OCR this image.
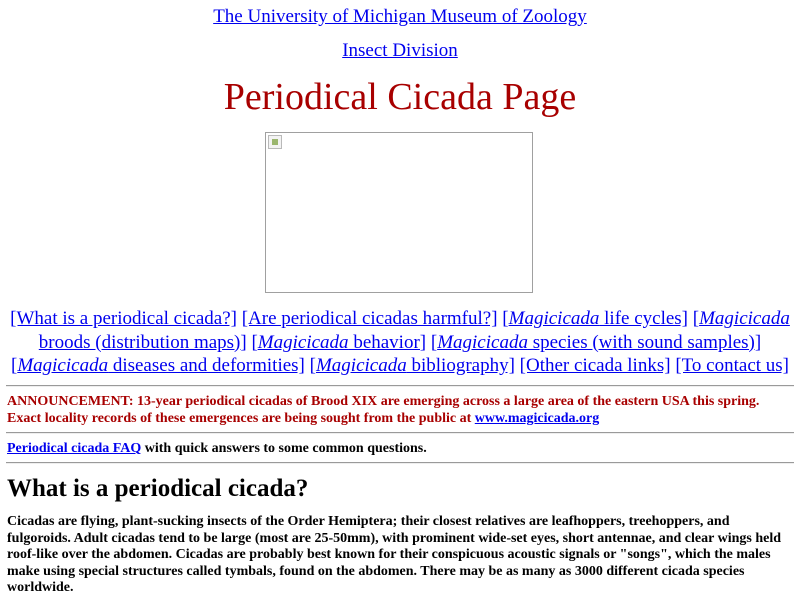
The University of Michigan Museum of Zoology
Insect Division
Periodical Cicada Page
[What is a periodical cicada?] [Are periodical cicadas harmful?] [Magicicada life cycles] [Magicicada broods (distribution maps)] [Magicicada behavior] [Magicicada species (with sound samples)] [Magicicada diseases and deformities] [Magicicada bibliography] [Other cicada links] [To contact us]
ANNOUNCEMENT: 13-year periodical cicadas of Brood XIX are emerging across a large area of the eastern USA this spring. Exact locality records of these emergences are being sought from the public at www.magicicada.org
Periodical cicada FAQ with quick answers to some common questions.
What is a periodical cicada?

Cicadas are flying, plant-sucking insects of the Order Hemiptera; their closest relatives are leafhoppers, treehoppers, and fulgoroids. Adult cicadas tend to be large (most are 25-50mm), with prominent wide-set eyes, short antennae, and clear wings held roof-like over the abdomen. Cicadas are probably best known for their conspicuous acoustic signals or "songs", which the males make using special structures called tymbals, found on the abdomen. There may be as many as 3000 different cicada species worldwide.
